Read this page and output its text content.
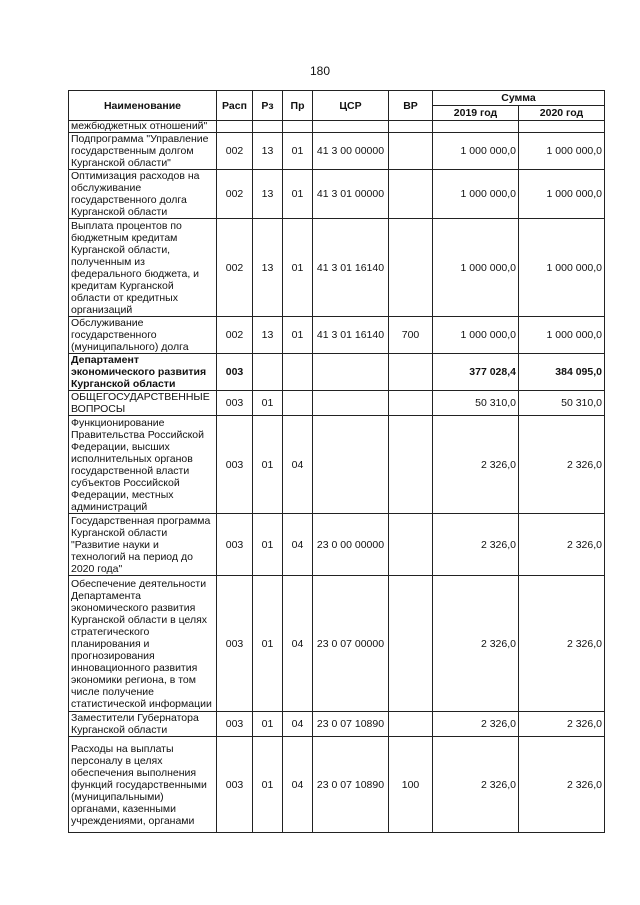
180
Наименование	Расп	Рз	Пр	ЦСР	ВР	Сумма	
						2019 год	2020 год
межбюджетных отношений"							
Подпрограмма "Управление государственным долгом Курганской области"	002	13	01	41 3 00 00000		1 000 000,0	1 000 000,0
Оптимизация расходов на обслуживание государственного долга Курганской области	002	13	01	41 3 01 00000		1 000 000,0	1 000 000,0
Выплата процентов по бюджетным кредитам Курганской области, полученным из федерального бюджета, и кредитам Курганской области от кредитных организаций	002	13	01	41 3 01 16140		1 000 000,0	1 000 000,0
Обслуживание государственного (муниципального) долга	002	13	01	41 3 01 16140	700	1 000 000,0	1 000 000,0
Департамент экономического развития Курганской области	003					377 028,4	384 095,0
ОБЩЕГОСУДАРСТВЕННЫЕ ВОПРОСЫ	003	01				50 310,0	50 310,0
Функционирование Правительства Российской Федерации, высших исполнительных органов государственной власти субъектов Российской Федерации, местных администраций	003	01	04			2 326,0	2 326,0
Государственная программа Курганской области "Развитие науки и технологий на период до 2020 года"	003	01	04	23 0 00 00000		2 326,0	2 326,0
Обеспечение деятельности Департамента экономического развития Курганской области в целях стратегического планирования и прогнозирования инновационного развития экономики региона, в том числе получение статистической информации	003	01	04	23 0 07 00000		2 326,0	2 326,0
Заместители Губернатора Курганской области	003	01	04	23 0 07 10890		2 326,0	2 326,0
Расходы на выплаты персоналу в целях обеспечения выполнения функций государственными (муниципальными) органами, казенными учреждениями, органами	003	01	04	23 0 07 10890	100	2 326,0	2 326,0
